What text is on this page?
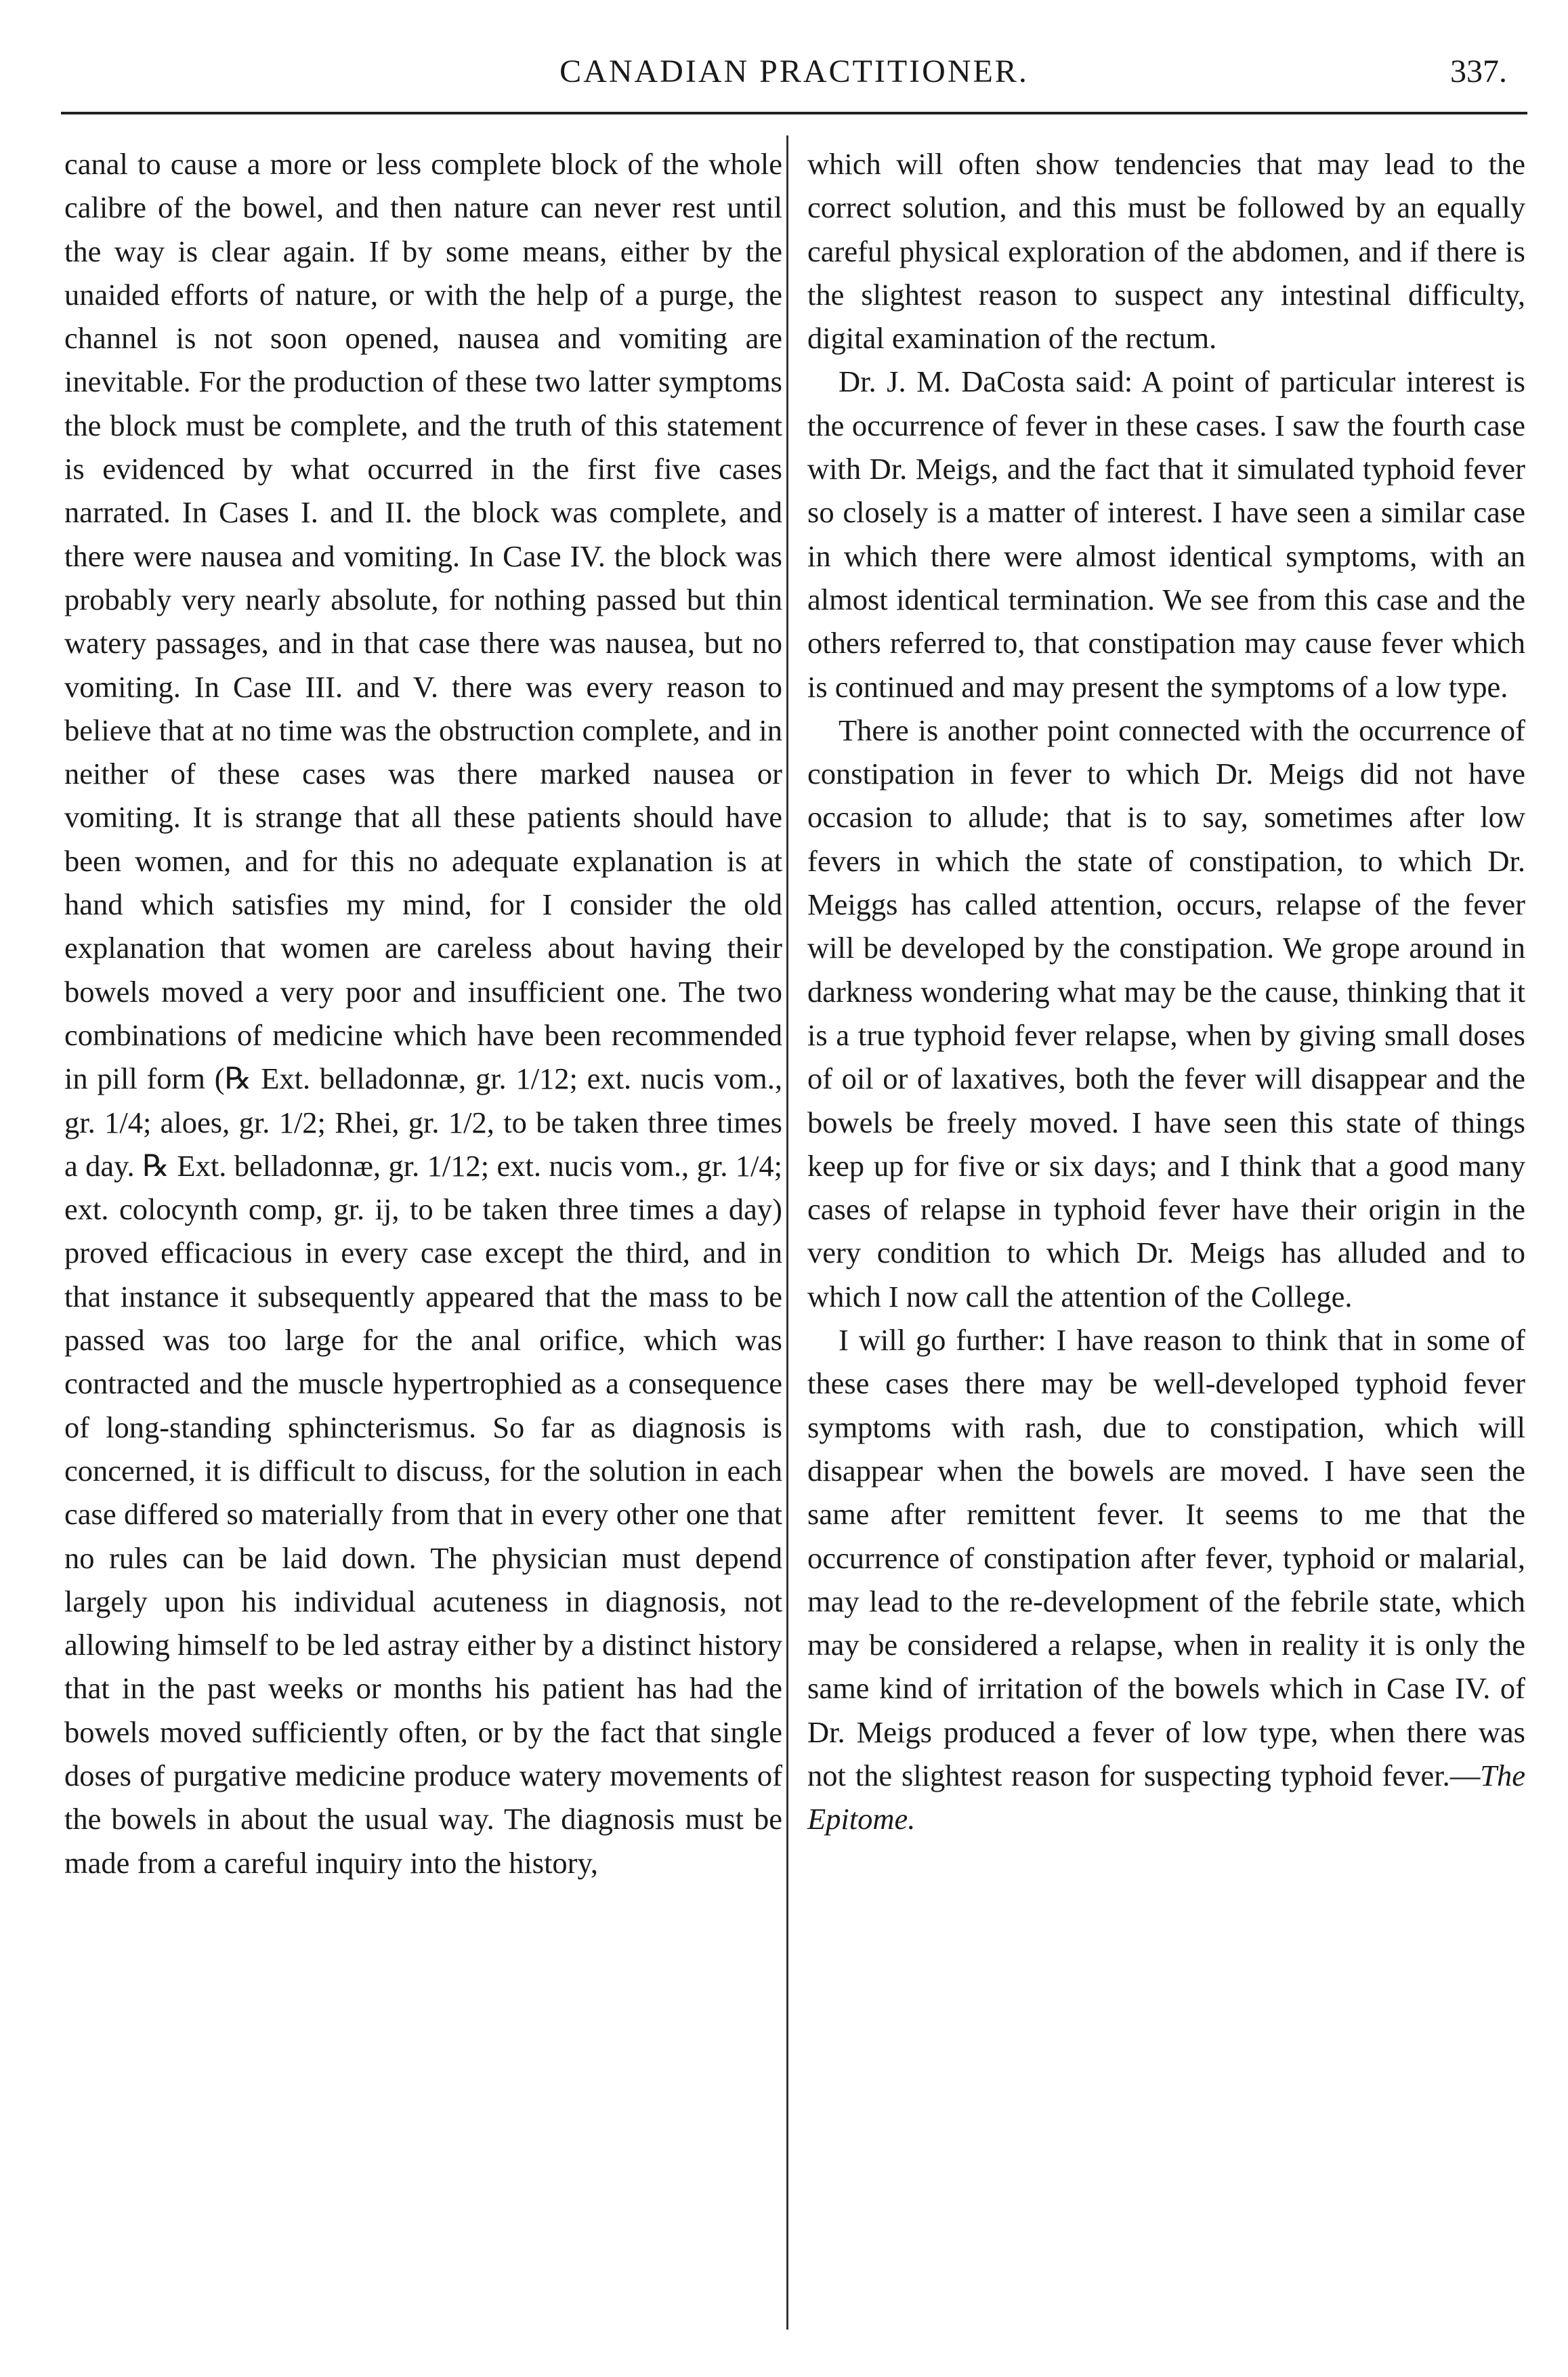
CANADIAN PRACTITIONER.	337.

canal to cause a more or less complete block of the whole calibre of the bowel, and then nature can never rest until the way is clear again. If by some means, either by the unaided efforts of nature, or with the help of a purge, the channel is not soon opened, nausea and vomiting are inevitable. For the production of these two latter symptoms the block must be complete, and the truth of this statement is evidenced by what occurred in the first five cases narrated. In Cases I. and II. the block was complete, and there were nausea and vomiting. In Case IV. the block was probably very nearly absolute, for nothing passed but thin watery passages, and in that case there was nausea, but no vomiting. In Case III. and V. there was every reason to believe that at no time was the obstruction complete, and in neither of these cases was there marked nausea or vomiting. It is strange that all these patients should have been women, and for this no adequate explanation is at hand which satisfies my mind, for I consider the old explanation that women are careless about having their bowels moved a very poor and insufficient one. The two combinations of medicine which have been recommended in pill form (℞ Ext. belladonnæ, gr. 1/12; ext. nucis vom., gr. 1/4; aloes, gr. 1/2; Rhei, gr. 1/2, to be taken three times a day. ℞ Ext. belladonnæ, gr. 1/12; ext. nucis vom., gr. 1/4; ext. colocynth comp, gr. ij, to be taken three times a day) proved efficacious in every case except the third, and in that instance it subsequently appeared that the mass to be passed was too large for the anal orifice, which was contracted and the muscle hypertrophied as a consequence of long-standing sphincterismus. So far as diagnosis is concerned, it is difficult to discuss, for the solution in each case differed so materially from that in every other one that no rules can be laid down. The physician must depend largely upon his individual acuteness in diagnosis, not allowing himself to be led astray either by a distinct history that in the past weeks or months his patient has had the bowels moved sufficiently often, or by the fact that single doses of purgative medicine produce watery movements of the bowels in about the usual way. The diagnosis must be made from a careful inquiry into the history,

which will often show tendencies that may lead to the correct solution, and this must be followed by an equally careful physical exploration of the abdomen, and if there is the slightest reason to suspect any intestinal difficulty, digital examination of the rectum.

Dr. J. M. DaCosta said: A point of particular interest is the occurrence of fever in these cases. I saw the fourth case with Dr. Meigs, and the fact that it simulated typhoid fever so closely is a matter of interest. I have seen a similar case in which there were almost identical symptoms, with an almost identical termination. We see from this case and the others referred to, that constipation may cause fever which is continued and may present the symptoms of a low type.

There is another point connected with the occurrence of constipation in fever to which Dr. Meigs did not have occasion to allude; that is to say, sometimes after low fevers in which the state of constipation, to which Dr. Meiggs has called attention, occurs, relapse of the fever will be developed by the constipation. We grope around in darkness wondering what may be the cause, thinking that it is a true typhoid fever relapse, when by giving small doses of oil or of laxatives, both the fever will disappear and the bowels be freely moved. I have seen this state of things keep up for five or six days; and I think that a good many cases of relapse in typhoid fever have their origin in the very condition to which Dr. Meigs has alluded and to which I now call the attention of the College.

I will go further: I have reason to think that in some of these cases there may be well-developed typhoid fever symptoms with rash, due to constipation, which will disappear when the bowels are moved. I have seen the same after remittent fever. It seems to me that the occurrence of constipation after fever, typhoid or malarial, may lead to the re-development of the febrile state, which may be considered a relapse, when in reality it is only the same kind of irritation of the bowels which in Case IV. of Dr. Meigs produced a fever of low type, when there was not the slightest reason for suspecting typhoid fever.—The Epitome.
